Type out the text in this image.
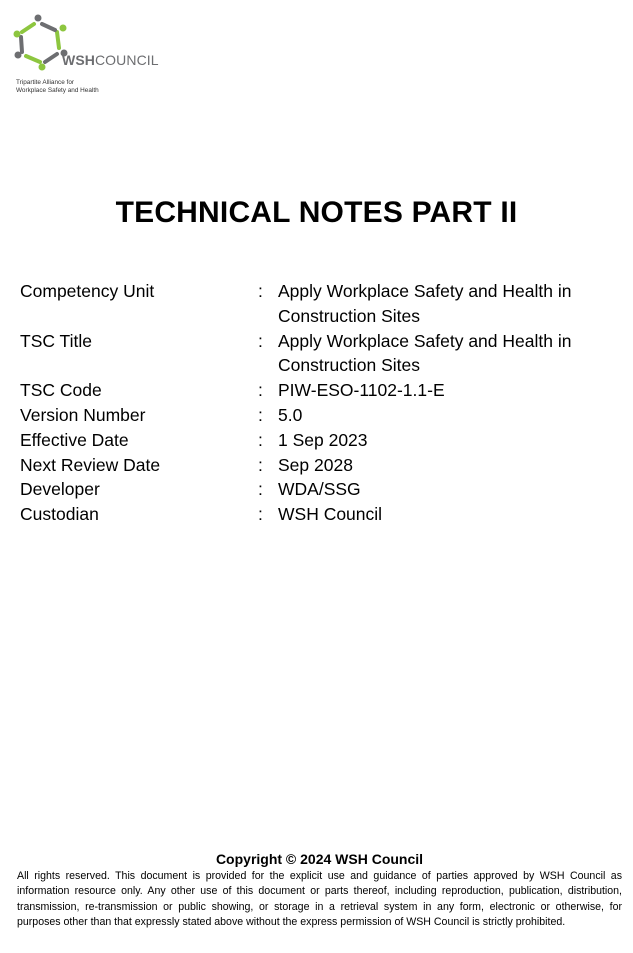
WSHCOUNCIL
Tripartite Alliance for
Workplace Safety and Health
TECHNICAL NOTES PART II
Competency Unit	: Apply Workplace Safety and Health in Construction Sites
TSC Title	: Apply Workplace Safety and Health in Construction Sites
TSC Code	: PIW-ESO-1102-1.1-E
Version Number	: 5.0
Effective Date	: 1 Sep 2023
Next Review Date	: Sep 2028
Developer	: WDA/SSG
Custodian	: WSH Council
Copyright © 2024 WSH Council
All rights reserved. This document is provided for the explicit use and guidance of parties approved by WSH Council as information resource only. Any other use of this document or parts thereof, including reproduction, publication, distribution, transmission, re-transmission or public showing, or storage in a retrieval system in any form, electronic or otherwise, for purposes other than that expressly stated above without the express permission of WSH Council is strictly prohibited.
